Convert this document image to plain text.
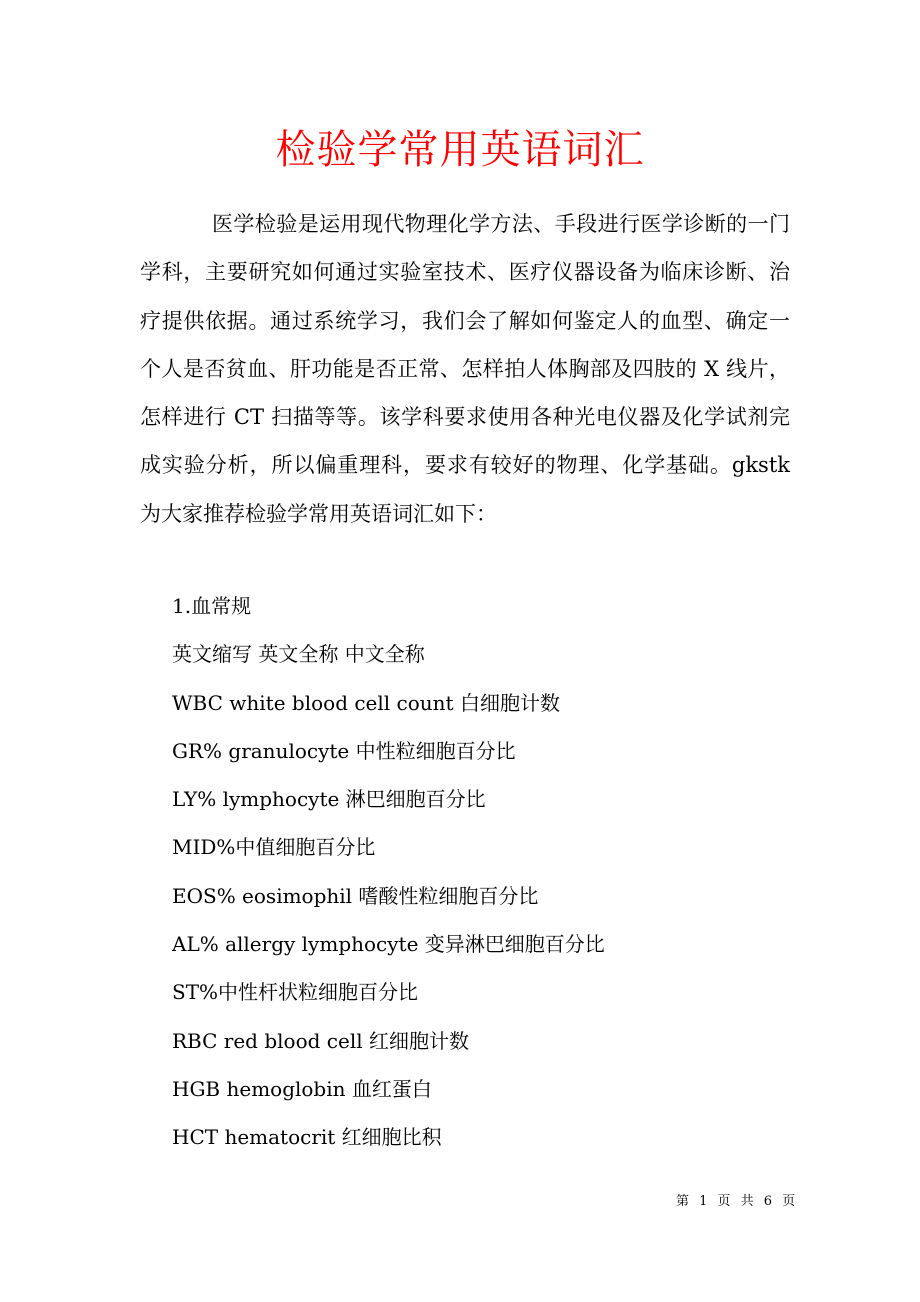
检验学常用英语词汇

医学检验是运用现代物理化学方法、手段进行医学诊断的一门学科，主要研究如何通过实验室技术、医疗仪器设备为临床诊断、治疗提供依据。通过系统学习，我们会了解如何鉴定人的血型、确定一个人是否贫血、肝功能是否正常、怎样拍人体胸部及四肢的 X 线片，怎样进行 CT 扫描等等。该学科要求使用各种光电仪器及化学试剂完成实验分析，所以偏重理科，要求有较好的物理、化学基础。gkstk 为大家推荐检验学常用英语词汇如下：

1.血常规
英文缩写 英文全称 中文全称
WBC white blood cell count 白细胞计数
GR% granulocyte 中性粒细胞百分比
LY% lymphocyte 淋巴细胞百分比
MID%中值细胞百分比
EOS% eosimophil 嗜酸性粒细胞百分比
AL% allergy lymphocyte 变异淋巴细胞百分比
ST%中性杆状粒细胞百分比
RBC red blood cell 红细胞计数
HGB hemoglobin 血红蛋白
HCT hematocrit 红细胞比积
第 1 页 共 6 页
